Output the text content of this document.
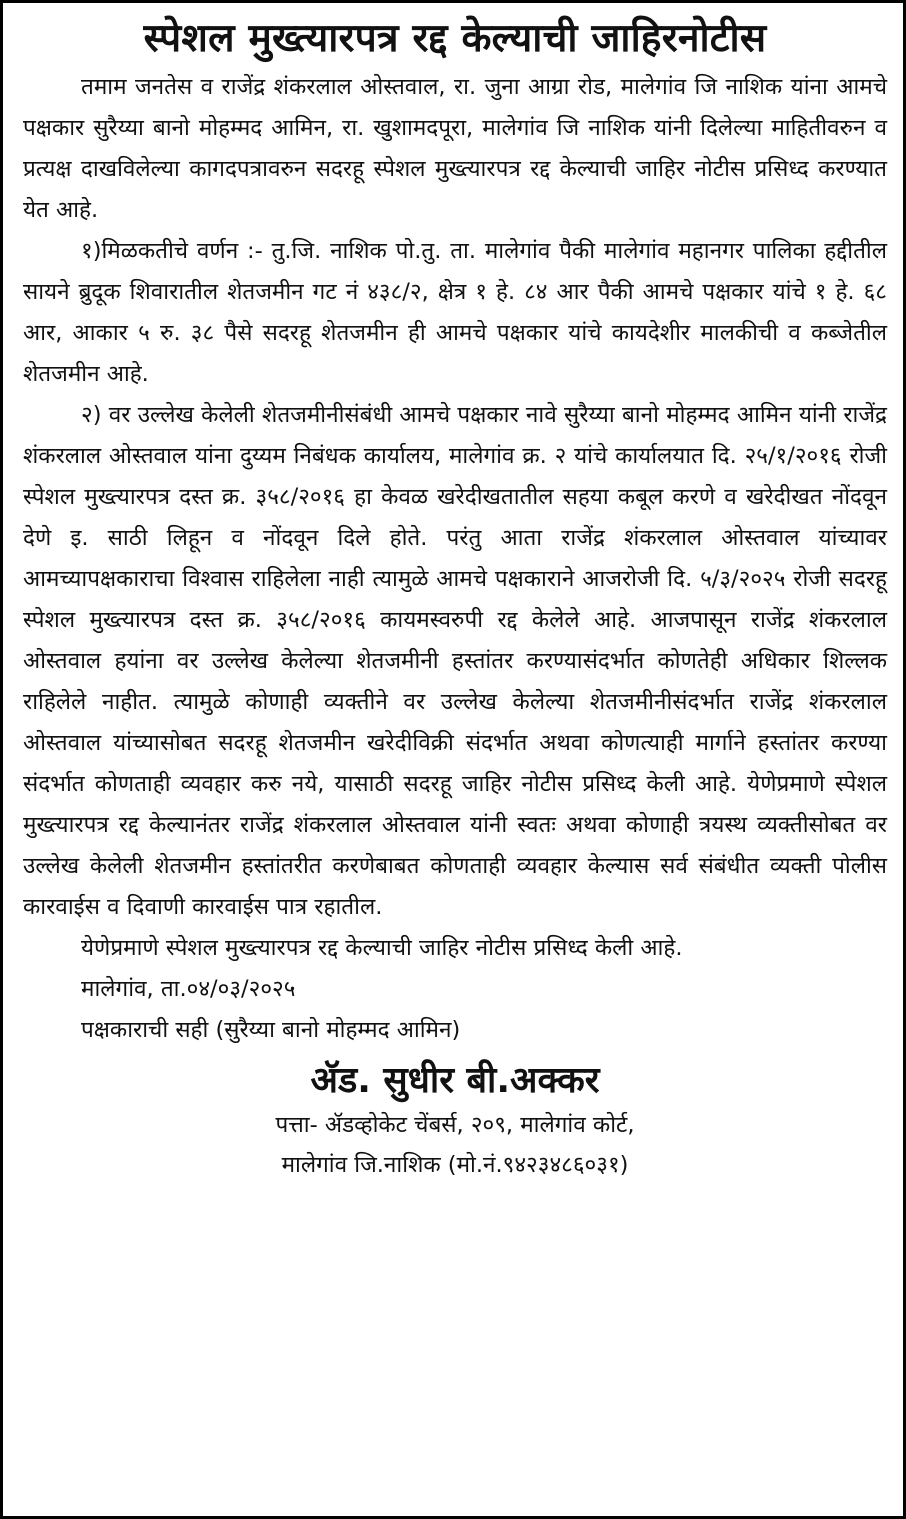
स्पेशल मुख्त्यारपत्र रद्द केल्याची जाहिरनोटीस

तमाम जनतेस व राजेंद्र शंकरलाल ओस्तवाल, रा. जुना आग्रा रोड, मालेगांव जि नाशिक यांना आमचे पक्षकार सुरैय्या बानो मोहम्मद आमिन, रा. खुशामदपूरा, मालेगांव जि नाशिक यांनी दिलेल्या माहितीवरुन व प्रत्यक्ष दाखविलेल्या कागदपत्रावरुन सदरहू स्पेशल मुख्त्यारपत्र रद्द केल्याची जाहिर नोटीस प्रसिध्द करण्यात येत आहे.

१)मिळकतीचे वर्णन :- तु.जि. नाशिक पो.तु. ता. मालेगांव पैकी मालेगांव महानगर पालिका हद्दीतील सायने ब्रुदूक शिवारातील शेतजमीन गट नं ४३८/२, क्षेत्र १ हे. ८४ आर पैकी आमचे पक्षकार यांचे १ हे. ६८ आर, आकार ५ रु. ३८ पैसे सदरहू शेतजमीन ही आमचे पक्षकार यांचे कायदेशीर मालकीची व कब्जेतील शेतजमीन आहे.

२) वर उल्लेख केलेली शेतजमीनीसंबंधी आमचे पक्षकार नावे सुरैय्या बानो मोहम्मद आमिन यांनी राजेंद्र शंकरलाल ओस्तवाल यांना दुय्यम निबंधक कार्यालय, मालेगांव क्र. २ यांचे कार्यालयात दि. २५/१/२०१६ रोजी स्पेशल मुख्त्यारपत्र दस्त क्र. ३५८/२०१६ हा केवळ खरेदीखतातील सहया कबूल करणे व खरेदीखत नोंदवून देणे इ. साठी लिहून व नोंदवून दिले होते. परंतु आता राजेंद्र शंकरलाल ओस्तवाल यांच्यावर आमच्यापक्षकाराचा विश्वास राहिलेला नाही त्यामुळे आमचे पक्षकाराने आजरोजी दि. ५/३/२०२५ रोजी सदरहू स्पेशल मुख्त्यारपत्र दस्त क्र. ३५८/२०१६ कायमस्वरुपी रद्द केलेले आहे. आजपासून राजेंद्र शंकरलाल ओस्तवाल हयांना वर उल्लेख केलेल्या शेतजमीनी हस्तांतर करण्यासंदर्भात कोणतेही अधिकार शिल्लक राहिलेले नाहीत. त्यामुळे कोणाही व्यक्तीने वर उल्लेख केलेल्या शेतजमीनीसंदर्भात राजेंद्र शंकरलाल ओस्तवाल यांच्यासोबत सदरहू शेतजमीन खरेदीविक्री संदर्भात अथवा कोणत्याही मार्गाने हस्तांतर करण्या संदर्भात कोणताही व्यवहार करु नये, यासाठी सदरहू जाहिर नोटीस प्रसिध्द केली आहे. येणेप्रमाणे स्पेशल मुख्त्यारपत्र रद्द केल्यानंतर राजेंद्र शंकरलाल ओस्तवाल यांनी स्वतः अथवा कोणाही त्रयस्थ व्यक्तीसोबत वर उल्लेख केलेली शेतजमीन हस्तांतरीत करणेबाबत कोणताही व्यवहार केल्यास सर्व संबंधीत व्यक्ती पोलीस कारवाईस व दिवाणी कारवाईस पात्र रहातील.

येणेप्रमाणे स्पेशल मुख्त्यारपत्र रद्द केल्याची जाहिर नोटीस प्रसिध्द केली आहे.

मालेगांव, ता.०४/०३/२०२५

पक्षकाराची सही (सुरैय्या बानो मोहम्मद आमिन)

ॲड. सुधीर बी.अक्कर

पत्ता- ॲडव्होकेट चेंबर्स, २०९, मालेगांव कोर्ट,

मालेगांव जि.नाशिक (मो.नं.९४२३४८६०३१)
